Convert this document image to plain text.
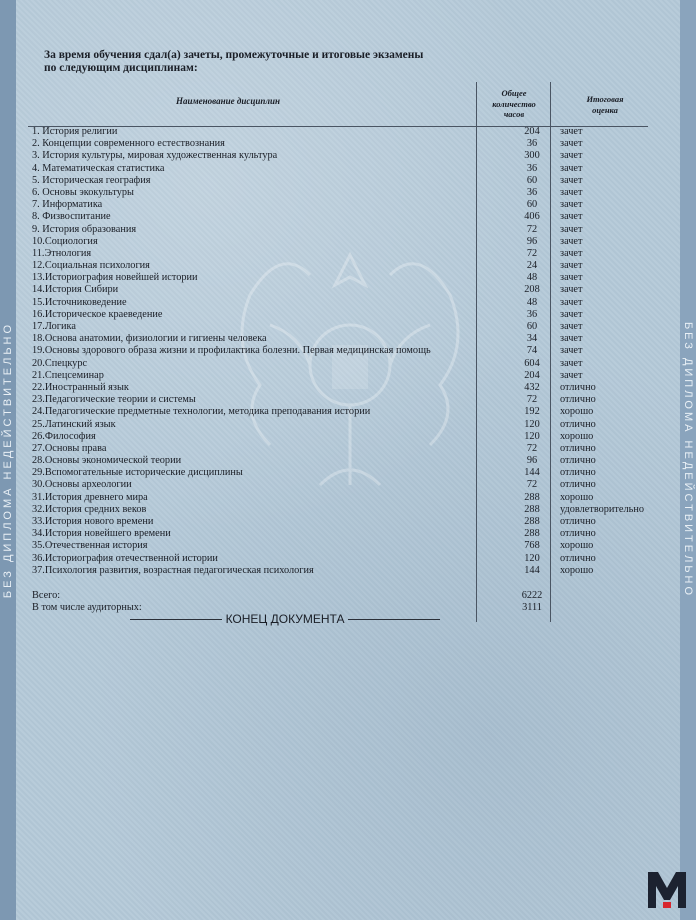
БЕЗ ДИПЛОМА НЕДЕЙСТВИТЕЛЬНО	БЕЗ ДИПЛОМА НЕДЕЙСТВИТЕЛЬНО
За время обучения сдал(а) зачеты, промежуточные и итоговые экзамены
по следующим дисциплинам:
Наименование дисциплин
Общее
количество
часов
Итоговая
оценка
1. История религии	204	зачет
2. Концепции современного естествознания	36	зачет
3. История культуры, мировая художественная культура	300	зачет
4. Математическая статистика	36	зачет
5. Историческая география	60	зачет
6. Основы экокультуры	36	зачет
7. Информатика	60	зачет
8. Физвоспитание	406	зачет
9. История образования	72	зачет
10.Социология	96	зачет
11.Этнология	72	зачет
12.Социальная психология	24	зачет
13.Историография новейшей истории	48	зачет
14.История Сибири	208	зачет
15.Источниковедение	48	зачет
16.Историческое краеведение	36	зачет
17.Логика	60	зачет
18.Основа анатомии, физиологии и гигиены человека	34	зачет
19.Основы здорового образа жизни и профилактика болезни. Первая медицинская помощь	74	зачет
20.Спецкурс	604	зачет
21.Спецсеминар	204	зачет
22.Иностранный язык	432	отлично
23.Педагогические теории и системы	72	отлично
24.Педагогические предметные технологии, методика преподавания истории	192	хорошо
25.Латинский язык	120	отлично
26.Философия	120	хорошо
27.Основы права	72	отлично
28.Основы экономической теории	96	отлично
29.Вспомогательные исторические дисциплины	144	отлично
30.Основы археологии	72	отлично
31.История древнего мира	288	хорошо
32.История средних веков	288	удовлетворительно
33.История нового времени	288	отлично
34.История новейшего времени	288	отлично
35.Отечественная история	768	хорошо
36.Историография отечественной истории	120	отлично
37.Психология развития, возрастная педагогическая психология	144	хорошо
Всего:	6222
В том числе аудиторных:	3111
КОНЕЦ ДОКУМЕНТА
